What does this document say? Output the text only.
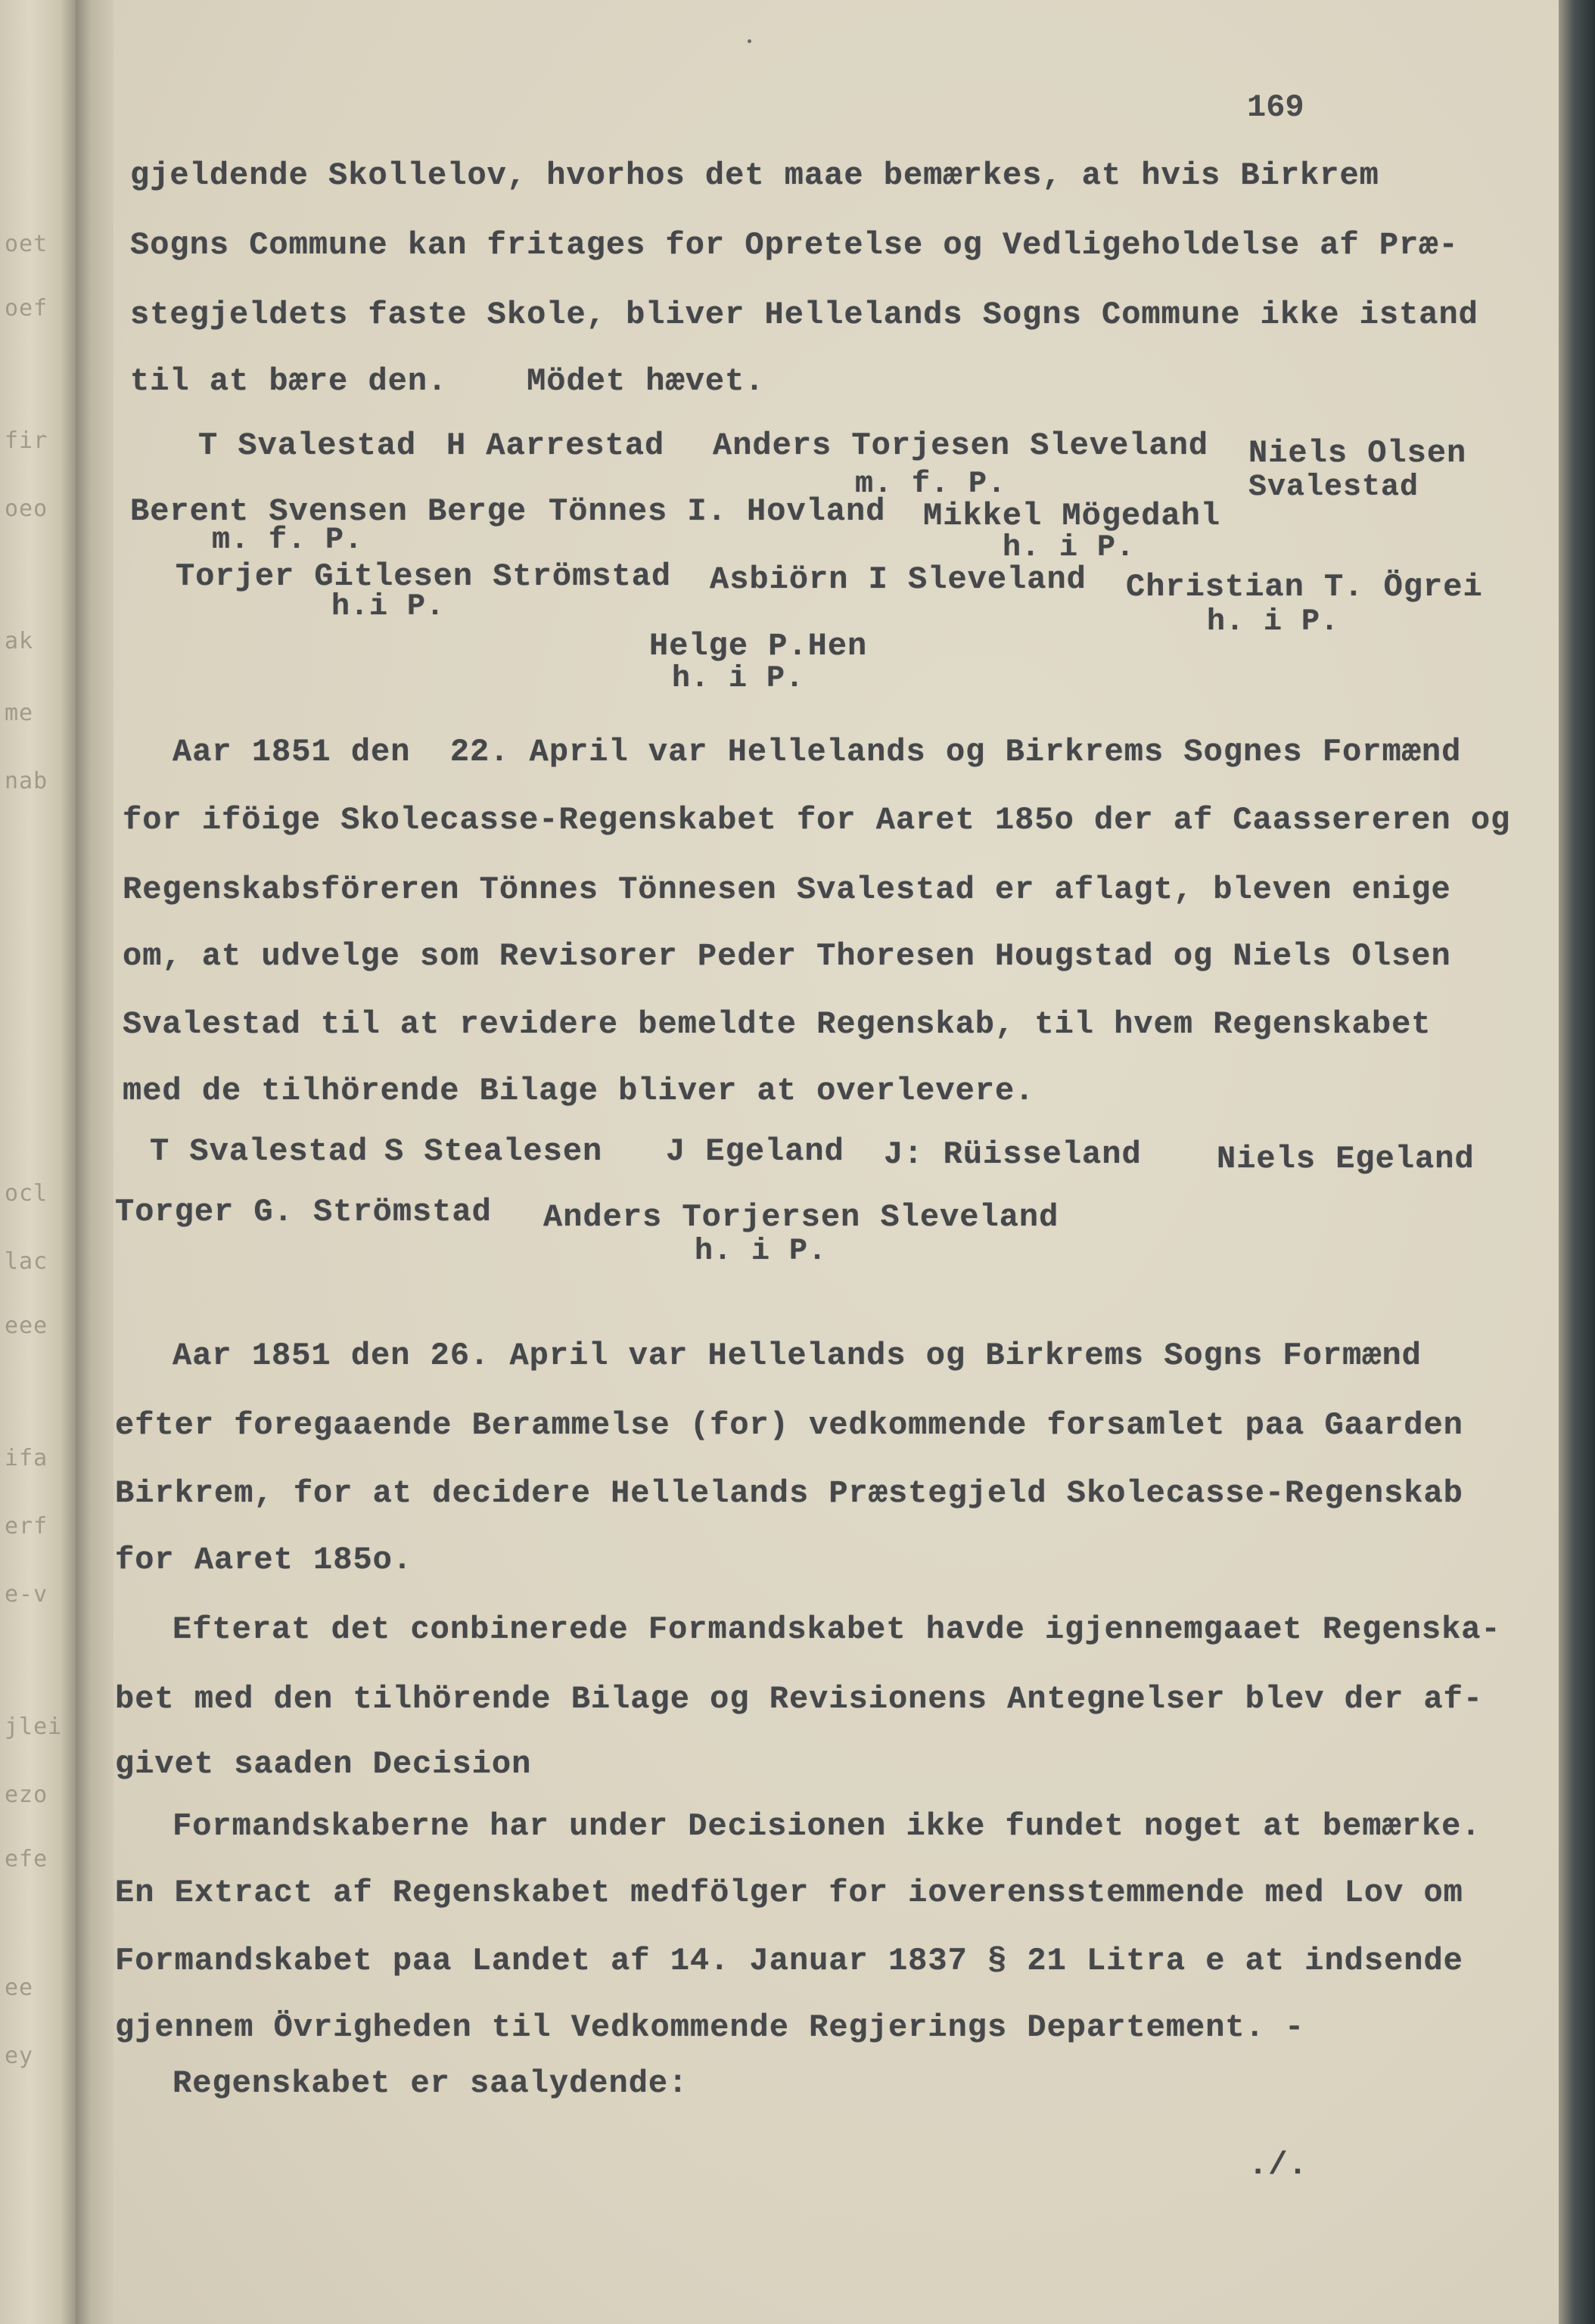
oet
oef
fir
oeo
ak
me
nab
ocl
lac
eee
ifa
erf
e-v
jlei
ezo
efe
ee
ey
169
gjeldende Skollelov, hvorhos det maae bemærkes, at hvis Birkrem
Sogns Commune kan fritages for Opretelse og Vedligeholdelse af Præ-
stegjeldets faste Skole, bliver Hellelands Sogns Commune ikke istand
til at bære den.    Mödet hævet.
T Svalestad H Aarrestad Anders Torjesen Sleveland Niels Olsen
m. f. P.	Svalestad
Berent Svensen Berge Tönnes I. Hovland Mikkel Mögedahl
m. f. P.	h. i P.
Torjer Gitlesen Strömstad Asbiörn I Sleveland Christian T. Ögrei
h.i P.	h. i P.
Helge P.Hen
h. i P.
Aar 1851 den  22. April var Hellelands og Birkrems Sognes Formænd
for iföige Skolecasse-Regenskabet for Aaret 185o der af Caassereren og
Regenskabsföreren Tönnes Tönnesen Svalestad er aflagt, bleven enige
om, at udvelge som Revisorer Peder Thoresen Hougstad og Niels Olsen
Svalestad til at revidere bemeldte Regenskab, til hvem Regenskabet
med de tilhörende Bilage bliver at overlevere.
T Svalestad S Stealesen J Egeland J: Rüisseland Niels Egeland
Torger G. Strömstad Anders Torjersen Sleveland
h. i P.
Aar 1851 den 26. April var Hellelands og Birkrems Sogns Formænd
efter foregaaende Berammelse (for) vedkommende forsamlet paa Gaarden
Birkrem, for at decidere Hellelands Præstegjeld Skolecasse-Regenskab
for Aaret 185o.
Efterat det conbinerede Formandskabet havde igjennemgaaet Regenska-
bet med den tilhörende Bilage og Revisionens Antegnelser blev der af-
givet saaden Decision
Formandskaberne har under Decisionen ikke fundet noget at bemærke.
En Extract af Regenskabet medfölger for ioverensstemmende med Lov om
Formandskabet paa Landet af 14. Januar 1837 § 21 Litra e at indsende
gjennem Övrigheden til Vedkommende Regjerings Departement. -
Regenskabet er saalydende:
./.
